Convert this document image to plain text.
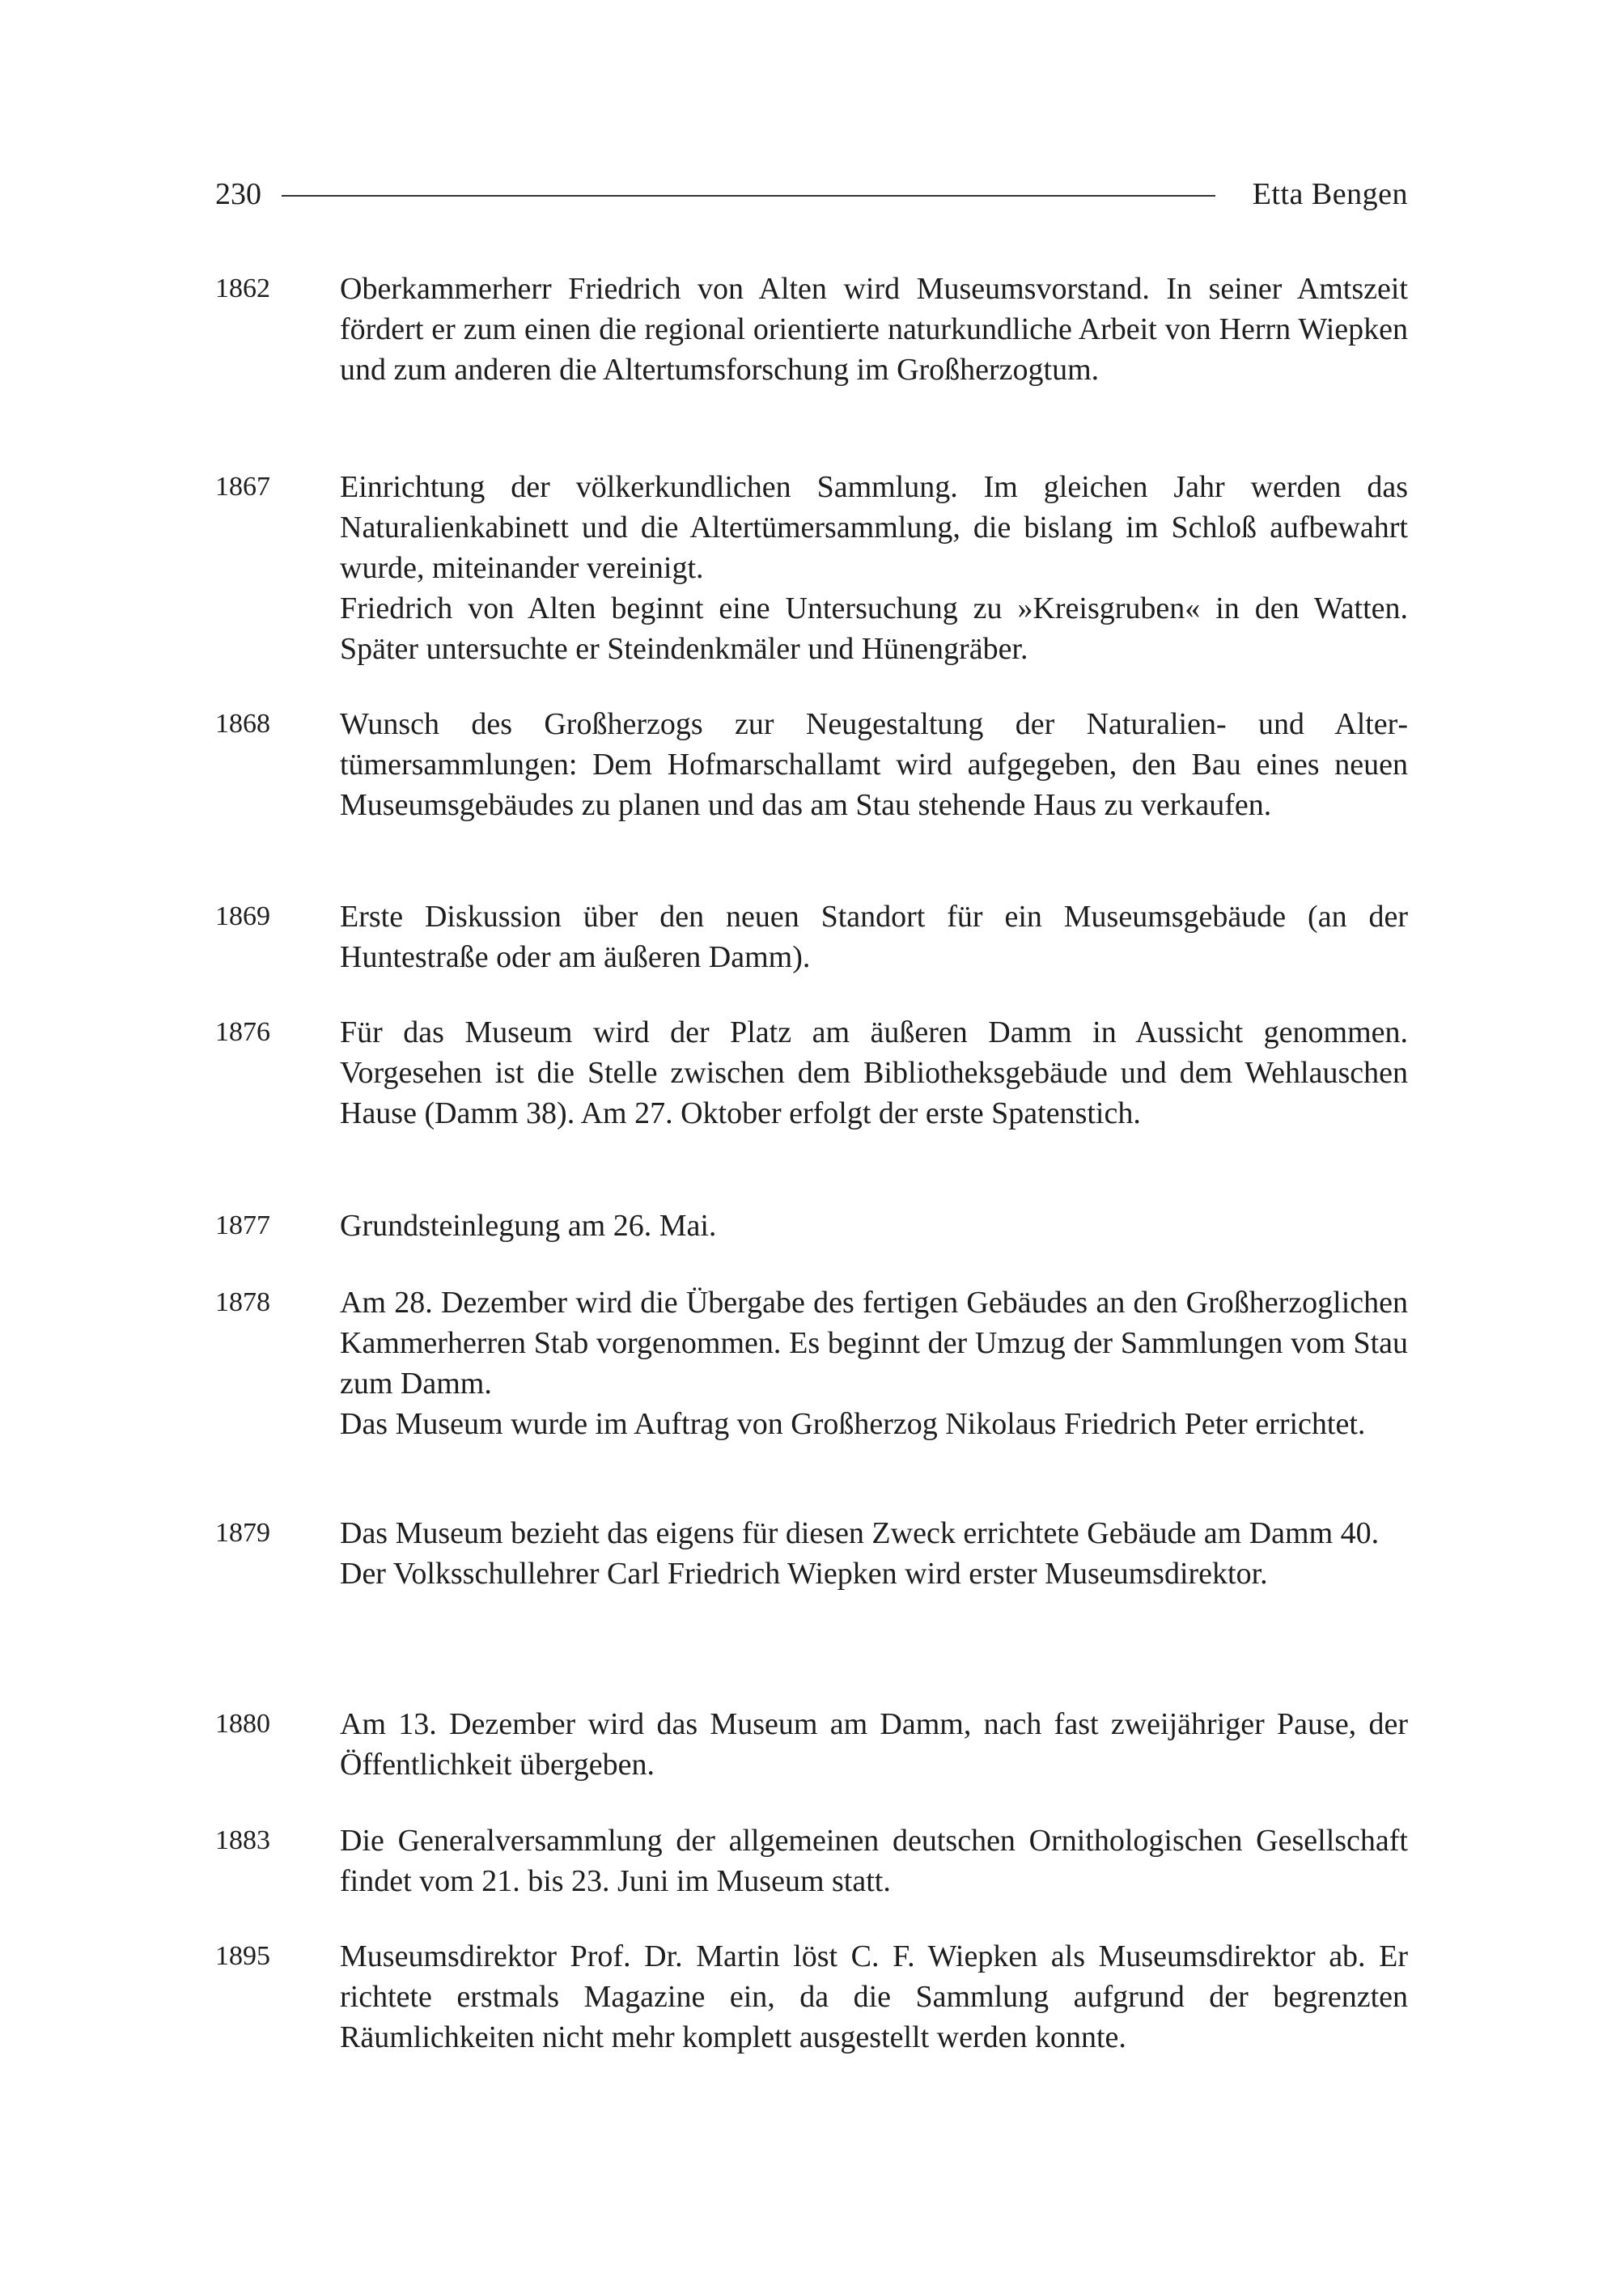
230	Etta Bengen
1862 Oberkammerherr Friedrich von Alten wird Museumsvorstand. In seiner Amtszeit fördert er zum einen die regional orientierte naturkundliche Arbeit von Herrn Wiepken und zum anderen die Altertumsforschung im Großherzogtum.

1867 Einrichtung der völkerkundlichen Sammlung. Im gleichen Jahr werden das Naturalienkabinett und die Altertümersammlung, die bislang im Schloß aufbewahrt wurde, miteinander vereinigt.

Friedrich von Alten beginnt eine Untersuchung zu »Kreisgruben« in den Watten. Später untersuchte er Steindenkmäler und Hünengräber.

1868 Wunsch des Großherzogs zur Neugestaltung der Naturalien- und Altertümersammlungen: Dem Hofmarschallamt wird aufgegeben, den Bau eines neuen Museumsgebäudes zu planen und das am Stau stehende Haus zu verkaufen.

1869 Erste Diskussion über den neuen Standort für ein Museumsgebäude (an der Huntestraße oder am äußeren Damm).

1876 Für das Museum wird der Platz am äußeren Damm in Aussicht genommen. Vorgesehen ist die Stelle zwischen dem Bibliotheksgebäude und dem Wehlauschen Hause (Damm 38). Am 27. Oktober erfolgt der erste Spatenstich.

1877 Grundsteinlegung am 26. Mai.

1878 Am 28. Dezember wird die Übergabe des fertigen Gebäudes an den Großherzoglichen Kammerherren Stab vorgenommen. Es beginnt der Umzug der Sammlungen vom Stau zum Damm.

Das Museum wurde im Auftrag von Großherzog Nikolaus Friedrich Peter errichtet.

1879 Das Museum bezieht das eigens für diesen Zweck errichtete Gebäude am Damm 40.

Der Volksschullehrer Carl Friedrich Wiepken wird erster Museumsdirektor.

1880 Am 13. Dezember wird das Museum am Damm, nach fast zweijähriger Pause, der Öffentlichkeit übergeben.

1883 Die Generalversammlung der allgemeinen deutschen Ornithologischen Gesellschaft findet vom 21. bis 23. Juni im Museum statt.

1895 Museumsdirektor Prof. Dr. Martin löst C. F. Wiepken als Museumsdirektor ab. Er richtete erstmals Magazine ein, da die Sammlung aufgrund der begrenzten Räumlichkeiten nicht mehr komplett ausgestellt werden konnte.
